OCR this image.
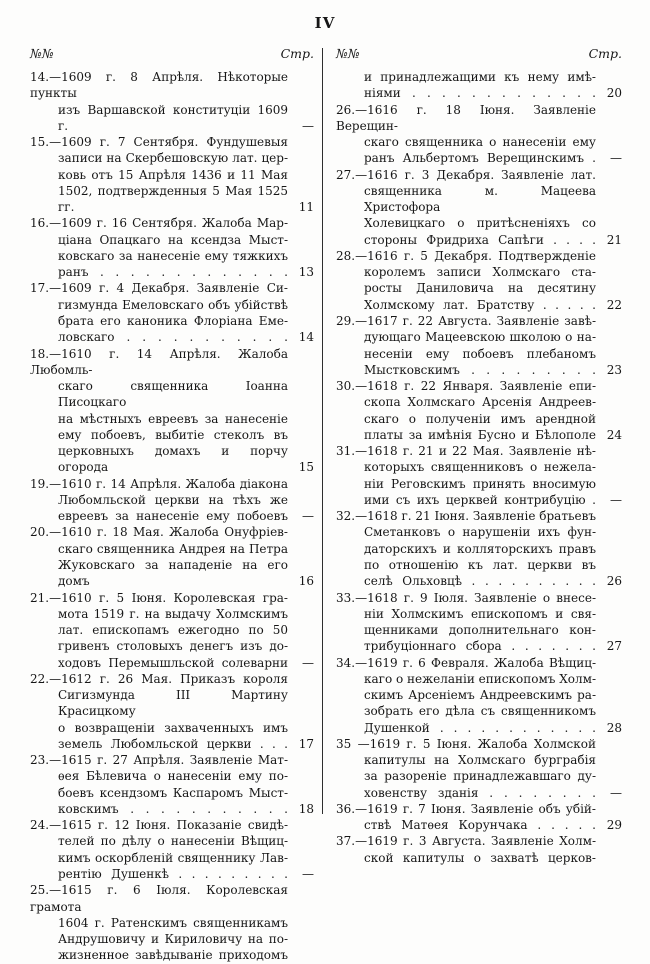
IV
№№	Стр.
14.—1609 г. 8 Апрѣля. Нѣкоторые пункты
изъ Варшавской конституціи 1609 г.	—
15.—1609 г. 7 Сентября. Фундушевыя
записи на Скербешовскую лат. цер-
ковь отъ 15 Апрѣля 1436 и 11 Мая
1502, подтвержденныя 5 Мая 1525 гг.	11
16.—1609 г. 16 Сентября. Жалоба Мар-
ціана Опацкаго на ксендза Мыст-
ковскаго за нанесеніе ему тяжкихъ
ранъ . . . . . . . . . . . . . 13
17.—1609 г. 4 Декабря. Заявленіе Си-
гизмунда Емеловскаго объ убійствѣ
брата его каноника Флоріана Еме-
ловскаго . . . . . . . . . . . 14
18.—1610 г. 14 Апрѣля. Жалоба Любомль-
скаго священника Іоанна Писоцкаго
на мѣстныхъ евреевъ за нанесеніе
ему побоевъ, выбитіе стеколъ въ
церковныхъ домахъ и порчу огорода	15
19.—1610 г. 14 Апрѣля. Жалоба діакона
Любомльской церкви на тѣхъ же
евреевъ за нанесеніе ему побоевъ	—
20.—1610 г. 18 Мая. Жалоба Онуфріев-
скаго священника Андрея на Петра
Жуковскаго за нападеніе на его домъ	16
21.—1610 г. 5 Іюня. Королевская гра-
мота 1519 г. на выдачу Холмскимъ
лат. епископамъ ежегодно по 50
гривенъ столовыхъ денегъ изъ до-
ходовъ Перемышльской солеварни	—
22.—1612 г. 26 Мая. Приказъ короля
Сигизмунда III Мартину Красицкому
о возвращеніи захваченныхъ имъ
земель Любомльской церкви . . . 17
23.—1615 г. 27 Апрѣля. Заявленіе Мат-
ѳея Бѣлевича о нанесеніи ему по-
боевъ ксендзомъ Каспаромъ Мыст-
ковскимъ . . . . . . . . . . . 18
24.—1615 г. 12 Іюня. Показаніе свидѣ-
телей по дѣлу о нанесеніи Вѣщиц-
кимъ оскорбленій священнику Лав-
рентію Душенкѣ . . . . . . . . .	—
25.—1615 г. 6 Іюля. Королевская грамота
1604 г. Ратенскимъ священникамъ
Андрушовичу и Кириловичу на по-
жизненное завѣдываніе приходомъ
№№	Стр.
и принадлежащими къ нему имѣ-
ніями . . . . . . . . . . . . . 20
26.—1616 г. 18 Іюня. Заявленіе Верещин-
скаго священника о нанесеніи ему
ранъ Альбертомъ Верещинскимъ .	—
27.—1616 г. 3 Декабря. Заявленіе лат.
священника м. Мацеева Христофора
Холевицкаго о притѣсненіяхъ со
стороны Фридриха Сапѣги . . . . 21
28.—1616 г. 5 Декабря. Подтвержденіе
королемъ записи Холмскаго ста-
росты Даниловича на десятину
Холмскому лат. Братству . . . . . 22
29.—1617 г. 22 Августа. Заявленіе завѣ-
дующаго Мацеевскою школою о на-
несеніи ему побоевъ плебаномъ
Мыстковскимъ . . . . . . . . . 23
30.—1618 г. 22 Января. Заявленіе епи-
скопа Холмскаго Арсенія Андреев-
скаго о полученіи имъ арендной
платы за имѣнія Бусно и Бѣлополе 24
31.—1618 г. 21 и 22 Мая. Заявленіе нѣ-
которыхъ священниковъ о нежела-
ніи Реговскимъ принять вносимую
ими съ ихъ церквей контрибуцію .	—
32.—1618 г. 21 Іюня. Заявленіе братьевъ
Сметанковъ о нарушеніи ихъ фун-
даторскихъ и колляторскихъ правъ
по отношенію къ лат. церкви въ
селѣ Ольховцѣ . . . . . . . . . . 26
33.—1618 г. 9 Іюля. Заявленіе о внесе-
ніи Холмскимъ епископомъ и свя-
щенниками дополнительнаго кон-
трибуціоннаго сбора . . . . . . . 27
34.—1619 г. 6 Февраля. Жалоба Вѣщиц-
каго о нежеланіи епископомъ Холм-
скимъ Арсеніемъ Андреевскимъ ра-
зобрать его дѣла съ священникомъ
Душенкой . . . . . . . . . . . . 28
35 —1619 г. 5 Іюня. Жалоба Холмской
капитулы на Холмскаго бурграбія
за разореніе принадлежавшаго ду-
ховенству зданія . . . . . . . .	—
36.—1619 г. 7 Іюня. Заявленіе объ убій-
ствѣ Матѳея Корунчака . . . . . 29
37.—1619 г. 3 Августа. Заявленіе Холм-
ской капитулы о захватѣ церков-
